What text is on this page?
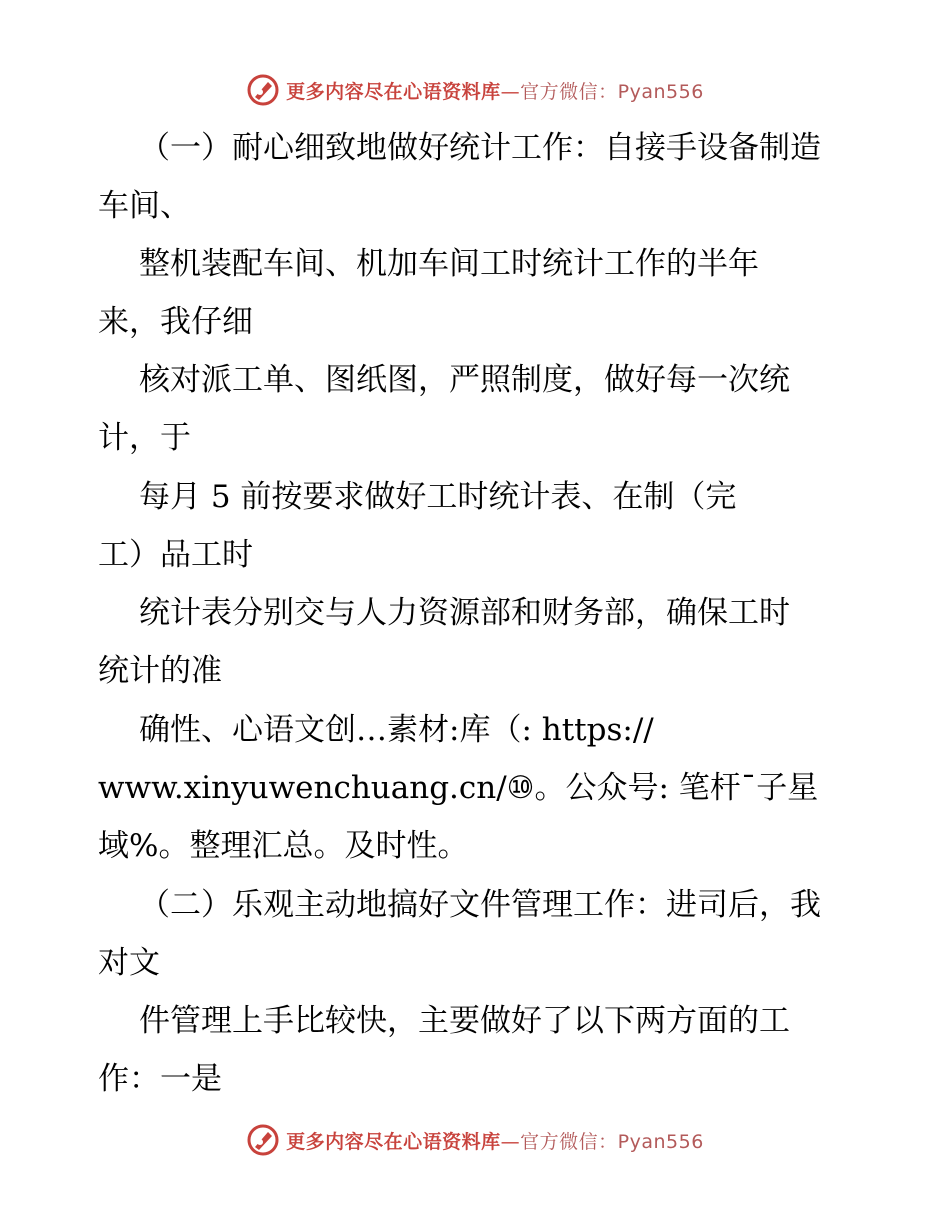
更多内容尽在心语资料库—官方微信：Pyan556
（一）耐心细致地做好统计工作：自接手设备制造
车间、
整机装配车间、机加车间工时统计工作的半年
来，我仔细
核对派工单、图纸图，严照制度，做好每一次统
计，于
每月 5 前按要求做好工时统计表、在制（完
工）品工时
统计表分别交与人力资源部和财务部，确保工时
统计的准
确性、心语文创…素材:库（: https://
www.xinyuwenchuang.cn/⑩。公众号: 笔杆¯子星
域%。整理汇总。及时性。
（二）乐观主动地搞好文件管理工作：进司后，我
对文
件管理上手比较快，主要做好了以下两方面的工
作：一是
更多内容尽在心语资料库—官方微信：Pyan556
